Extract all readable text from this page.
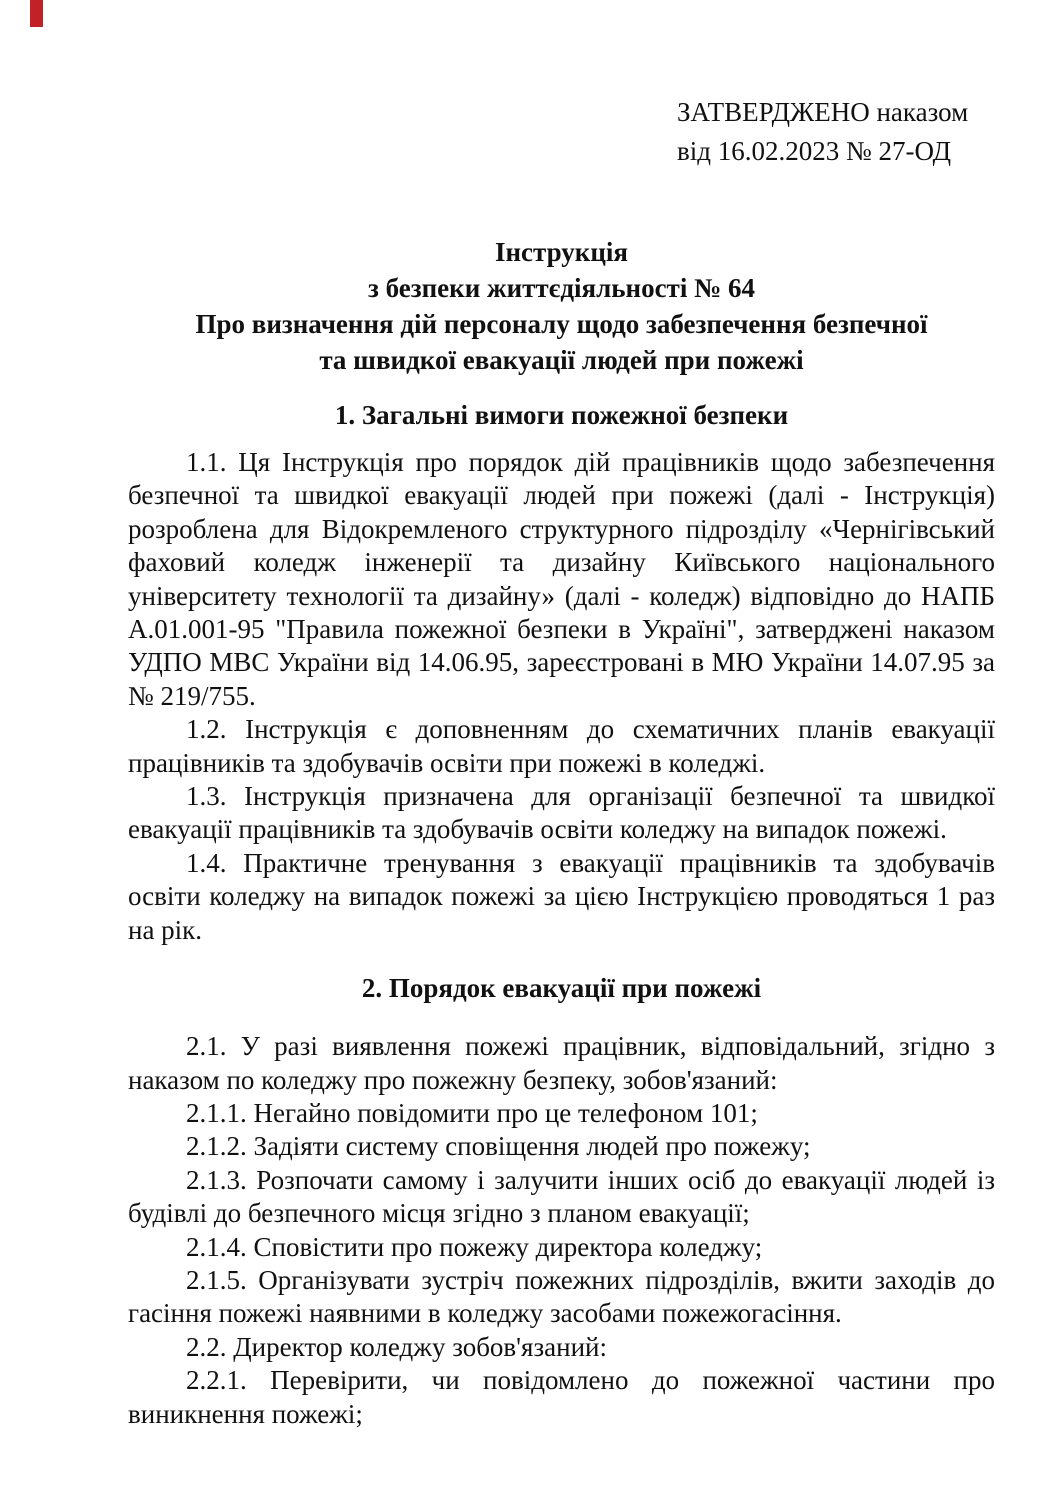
ЗАТВЕРДЖЕНО наказом
від 16.02.2023 № 27-ОД
Інструкція
з безпеки життєдіяльності № 64
Про визначення дій персоналу щодо забезпечення безпечної
та швидкої евакуації людей при пожежі
1. Загальні вимоги пожежної безпеки

1.1. Ця Інструкція про порядок дій працівників щодо забезпечення безпечної та швидкої евакуації людей при пожежі (далі - Інструкція) розроблена для Відокремленого структурного підрозділу «Чернігівський фаховий коледж інженерії та дизайну Київського національного університету технології та дизайну» (далі - коледж) відповідно до НАПБ А.01.001-95 "Правила пожежної безпеки в Україні", затверджені наказом УДПО МВС України від 14.06.95, зареєстровані в МЮ України 14.07.95 за № 219/755.

1.2. Інструкція є доповненням до схематичних планів евакуації працівників та здобувачів освіти при пожежі в коледжі.

1.3. Інструкція призначена для організації безпечної та швидкої евакуації працівників та здобувачів освіти коледжу на випадок пожежі.

1.4. Практичне тренування з евакуації працівників та здобувачів освіти коледжу на випадок пожежі за цією Інструкцією проводяться 1 раз на рік.

2. Порядок евакуації при пожежі

2.1. У разі виявлення пожежі працівник, відповідальний, згідно з наказом по коледжу про пожежну безпеку, зобов'язаний:

2.1.1. Негайно повідомити про це телефоном 101;

2.1.2. Задіяти систему сповіщення людей про пожежу;

2.1.3. Розпочати самому і залучити інших осіб до евакуації людей із будівлі до безпечного місця згідно з планом евакуації;

2.1.4. Сповістити про пожежу директора коледжу;

2.1.5. Організувати зустріч пожежних підрозділів, вжити заходів до гасіння пожежі наявними в коледжу засобами пожежогасіння.

2.2. Директор коледжу зобов'язаний:

2.2.1. Перевірити, чи повідомлено до пожежної частини про виникнення пожежі;
